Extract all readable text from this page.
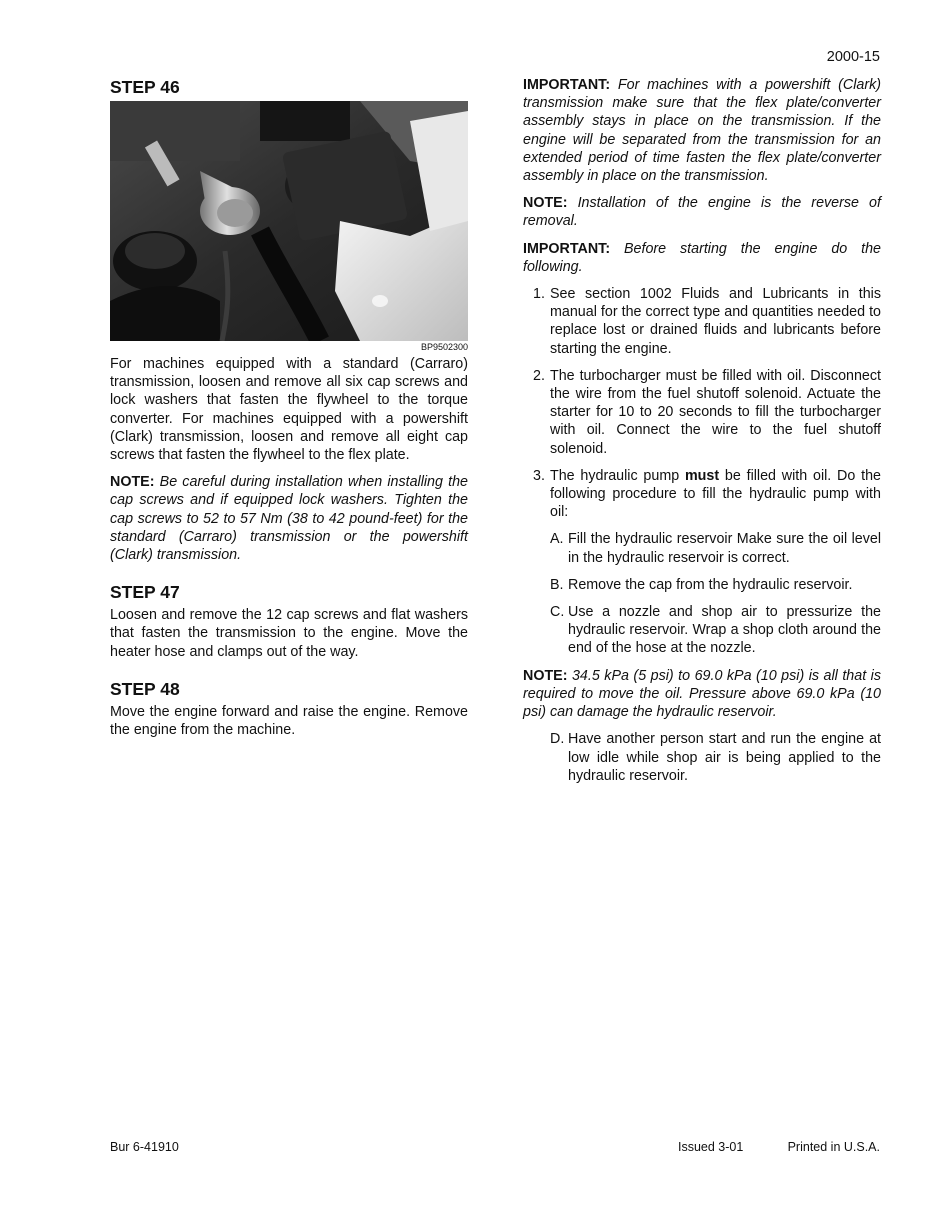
2000-15
STEP 46
BP9502300

For machines equipped with a standard (Carraro) transmission, loosen and remove all six cap screws and lock washers that fasten the flywheel to the torque converter. For machines equipped with a powershift (Clark) transmission, loosen and remove all eight cap screws that fasten the flywheel to the flex plate.

NOTE: Be careful during installation when installing the cap screws and if equipped lock washers. Tighten the cap screws to 52 to 57 Nm (38 to 42 pound-feet) for the standard (Carraro) transmission or the powershift (Clark) transmission.

STEP 47

Loosen and remove the 12 cap screws and flat washers that fasten the transmission to the engine. Move the heater hose and clamps out of the way.

STEP 48

Move the engine forward and raise the engine. Remove the engine from the machine.

IMPORTANT: For machines with a powershift (Clark) transmission make sure that the flex plate/converter assembly stays in place on the transmission. If the engine will be separated from the transmission for an extended period of time fasten the flex plate/converter assembly in place on the transmission.

NOTE: Installation of the engine is the reverse of removal.

IMPORTANT: Before starting the engine do the following.

1. See section 1002 Fluids and Lubricants in this manual for the correct type and quantities needed to replace lost or drained fluids and lubricants before starting the engine.
2. The turbocharger must be filled with oil. Disconnect the wire from the fuel shutoff solenoid. Actuate the starter for 10 to 20 seconds to fill the turbocharger with oil. Connect the wire to the fuel shutoff solenoid.
3. The hydraulic pump must be filled with oil. Do the following procedure to fill the hydraulic pump with oil:
A. Fill the hydraulic reservoir Make sure the oil level in the hydraulic reservoir is correct.
B. Remove the cap from the hydraulic reservoir.
C. Use a nozzle and shop air to pressurize the hydraulic reservoir. Wrap a shop cloth around the end of the hose at the nozzle.

NOTE: 34.5 kPa (5 psi) to 69.0 kPa (10 psi) is all that is required to move the oil. Pressure above 69.0 kPa (10 psi) can damage the hydraulic reservoir.

D. Have another person start and run the engine at low idle while shop air is being applied to the hydraulic reservoir.
Bur 6-41910	Issued 3-01	Printed in U.S.A.
